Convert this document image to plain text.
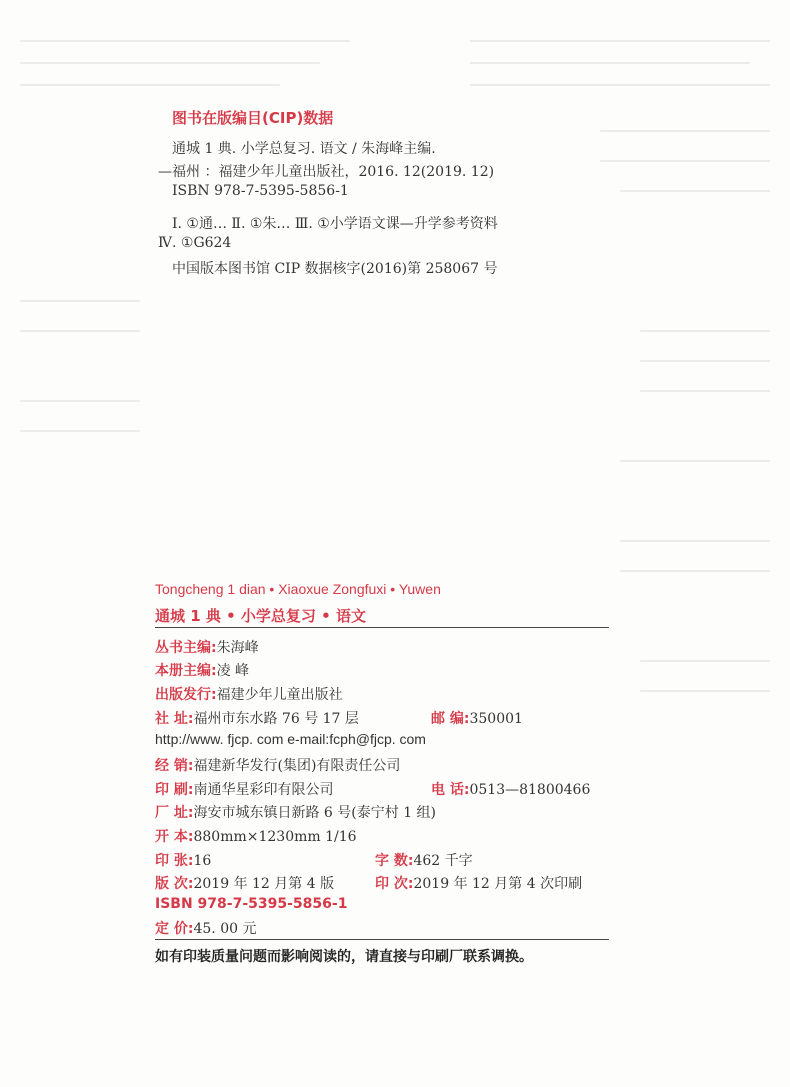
图书在版编目(CIP)数据
通城 1 典. 小学总复习. 语文 / 朱海峰主编.
—福州 ：福建少年儿童出版社，2016. 12(2019. 12)
ISBN 978-7-5395-5856-1
Ⅰ. ①通… Ⅱ. ①朱… Ⅲ. ①小学语文课—升学参考资料
Ⅳ. ①G624
中国版本图书馆 CIP 数据核字(2016)第 258067 号
Tongcheng 1 dian • Xiaoxue Zongfuxi • Yuwen
通城 1 典 • 小学总复习 • 语文
丛书主编:朱海峰
本册主编:凌 峰
出版发行:福建少年儿童出版社
社 址:福州市东水路 76 号 17 层	邮 编:350001
http://www. fjcp. com e-mail:fcph@fjcp. com
经 销:福建新华发行(集团)有限责任公司
印 刷:南通华星彩印有限公司	电 话:0513—81800466
厂 址:海安市城东镇日新路 6 号(泰宁村 1 组)
开 本:880mm×1230mm 1/16
印 张:16	字 数:462 千字
版 次:2019 年 12 月第 4 版	印 次:2019 年 12 月第 4 次印刷
ISBN 978-7-5395-5856-1
定 价:45. 00 元
如有印装质量问题而影响阅读的，请直接与印刷厂联系调换。
